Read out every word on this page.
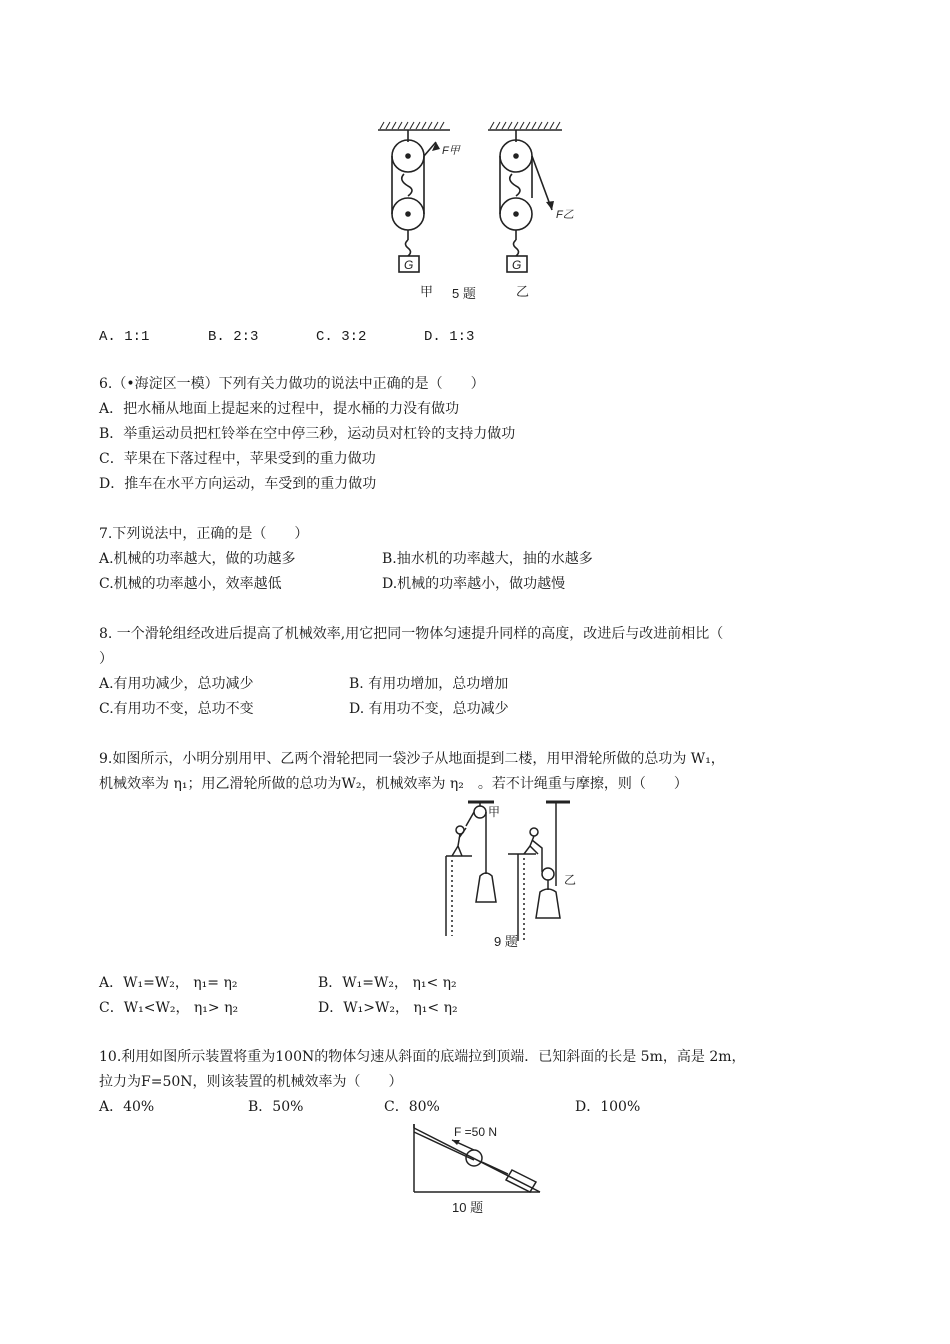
F甲
F乙
G	G
甲 5 题	乙
A. 1:1	B. 2:3	C. 3:2	D. 1:3
6.（•海淀区一模）下列有关力做功的说法中正确的是（　　）
A．把水桶从地面上提起来的过程中，提水桶的力没有做功
B．举重运动员把杠铃举在空中停三秒，运动员对杠铃的支持力做功
C．苹果在下落过程中，苹果受到的重力做功
D．推车在水平方向运动，车受到的重力做功
7.下列说法中，正确的是（　　）
A.机械的功率越大，做的功越多	B.抽水机的功率越大，抽的水越多
C.机械的功率越小，效率越低	D.机械的功率越小，做功越慢
8. 一个滑轮组经改进后提高了机械效率,用它把同一物体匀速提升同样的高度，改进后与改进前相比（
）
A.有用功减少，总功减少	B. 有用功增加，总功增加
C.有用功不变，总功不变	D. 有用功不变，总功减少
9.如图所示，小明分别用甲、乙两个滑轮把同一袋沙子从地面提到二楼，用甲滑轮所做的总功为 W₁，
机械效率为 η₁；用乙滑轮所做的总功为W₂，机械效率为 η₂　。若不计绳重与摩擦，则（　　）
甲
乙
9 题
A．W₁=W₂， η₁= η₂	B．W₁=W₂， η₁< η₂
C．W₁<W₂， η₁> η₂	D．W₁>W₂， η₁< η₂
10.利用如图所示装置将重为100N的物体匀速从斜面的底端拉到顶端．已知斜面的长是 5m，高是 2m，
拉力为F=50N，则该装置的机械效率为（　　）
A．40%	B．50%	C．80%	D．100%
F =50 N
10 题
